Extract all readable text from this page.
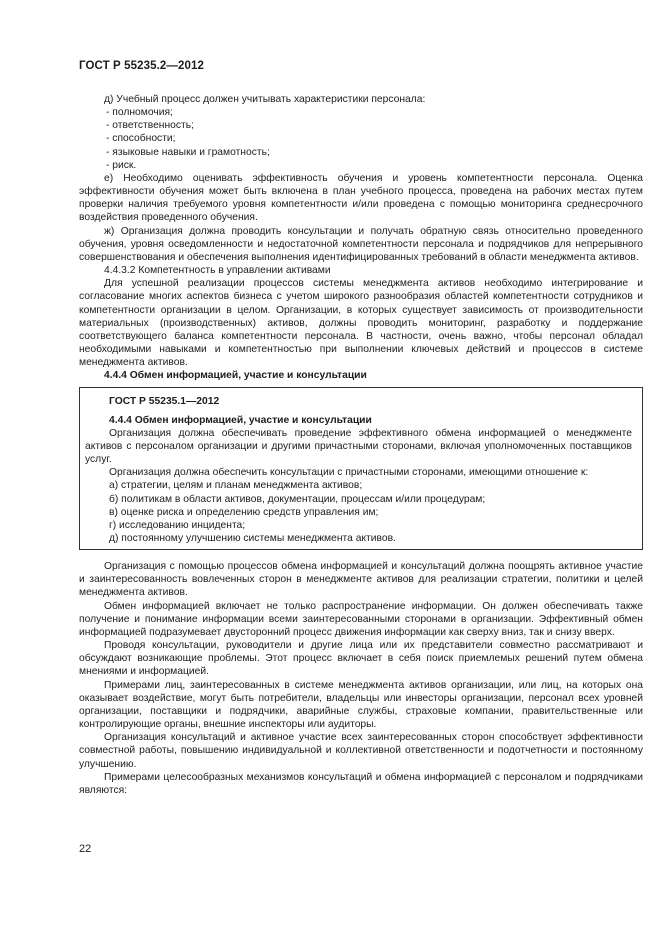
ГОСТ Р 55235.2—2012

д) Учебный процесс должен учитывать характеристики персонала:

- полномочия;

- ответственность;

- способности;

- языковые навыки и грамотность;

- риск.

е) Необходимо оценивать эффективность обучения и уровень компетентности персонала. Оценка эффективности обучения может быть включена в план учебного процесса, проведена на рабочих местах путем проверки наличия требуемого уровня компетентности и/или проведена с помощью мониторинга среднесрочного воздействия проведенного обучения.

ж) Организация должна проводить консультации и получать обратную связь относительно проведенного обучения, уровня осведомленности и недостаточной компетентности персонала и подрядчиков для непрерывного совершенствования и обеспечения выполнения идентифицированных требований в области менеджмента активов.

4.4.3.2 Компетентность в управлении активами

Для успешной реализации процессов системы менеджмента активов необходимо интегрирование и согласование многих аспектов бизнеса с учетом широкого разнообразия областей компетентности сотрудников и компетентности организации в целом. Организации, в которых существует зависимость от производительности материальных (производственных) активов, должны проводить мониторинг, разработку и поддержание соответствующего баланса компетентности персонала. В частности, очень важно, чтобы персонал обладал необходимыми навыками и компетентностью при выполнении ключевых действий и процессов в системе менеджмента активов.

4.4.4 Обмен информацией, участие и консультации

ГОСТ Р 55235.1—2012

4.4.4 Обмен информацией, участие и консультации

Организация должна обеспечивать проведение эффективного обмена информацией о менеджменте активов с персоналом организации и другими причастными сторонами, включая уполномоченных поставщиков услуг.

Организация должна обеспечить консультации с причастными сторонами, имеющими отношение к:

а) стратегии, целям и планам менеджмента активов;

б) политикам в области активов, документации, процессам и/или процедурам;

в) оценке риска и определению средств управления им;

г) исследованию инцидента;

д) постоянному улучшению системы менеджмента активов.

Организация с помощью процессов обмена информацией и консультаций должна поощрять активное участие и заинтересованность вовлеченных сторон в менеджменте активов для реализации стратегии, политики и целей менеджмента активов.

Обмен информацией включает не только распространение информации. Он должен обеспечивать также получение и понимание информации всеми заинтересованными сторонами в организации. Эффективный обмен информацией подразумевает двусторонний процесс движения информации как сверху вниз, так и снизу вверх.

Проводя консультации, руководители и другие лица или их представители совместно рассматривают и обсуждают возникающие проблемы. Этот процесс включает в себя поиск приемлемых решений путем обмена мнениями и информацией.

Примерами лиц, заинтересованных в системе менеджмента активов организации, или лиц, на которых она оказывает воздействие, могут быть потребители, владельцы или инвесторы организации, персонал всех уровней организации, поставщики и подрядчики, аварийные службы, страховые компании, правительственные или контролирующие органы, внешние инспекторы или аудиторы.

Организация консультаций и активное участие всех заинтересованных сторон способствует эффективности совместной работы, повышению индивидуальной и коллективной ответственности и подотчетности и постоянному улучшению.

Примерами целесообразных механизмов консультаций и обмена информацией с персоналом и подрядчиками являются:

22
